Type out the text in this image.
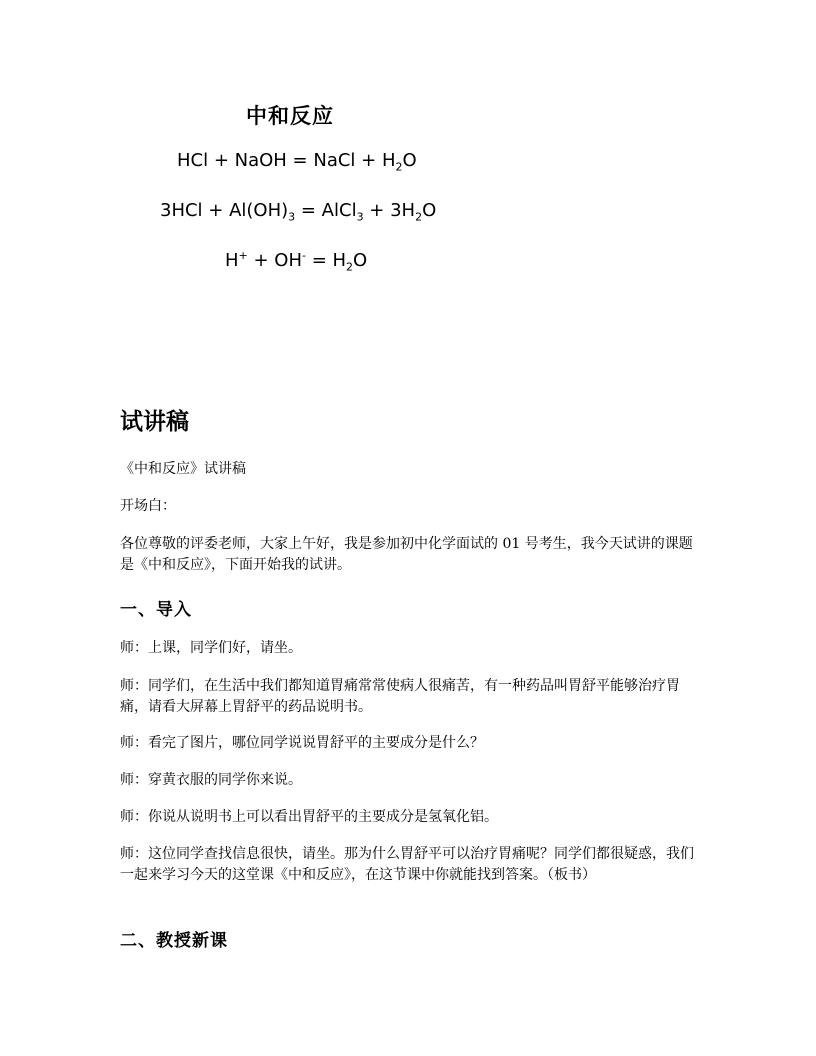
中和反应
HCl + NaOH = NaCl + $H_2O$
$3HCl + Al(OH)_3$ = AlCl$_3$ + $3H_2O$
$H^+ + OH^- = H_2O$
试讲稿
《中和反应》试讲稿
开场白：
各位尊敬的评委老师，大家上午好，我是参加初中化学面试的 01 号考生，我今天试讲的课题是《中和反应》，下面开始我的试讲。
一、导入
师：上课，同学们好，请坐。
师：同学们，在生活中我们都知道胃痛常常使病人很痛苦，有一种药品叫胃舒平能够治疗胃痛，请看大屏幕上胃舒平的药品说明书。
师：看完了图片，哪位同学说说胃舒平的主要成分是什么？
师：穿黄衣服的同学你来说。
师：你说从说明书上可以看出胃舒平的主要成分是氢氧化铝。
师：这位同学查找信息很快，请坐。那为什么胃舒平可以治疗胃痛呢？同学们都很疑惑，我们一起来学习今天的这堂课《中和反应》，在这节课中你就能找到答案。（板书）
二、教授新课
